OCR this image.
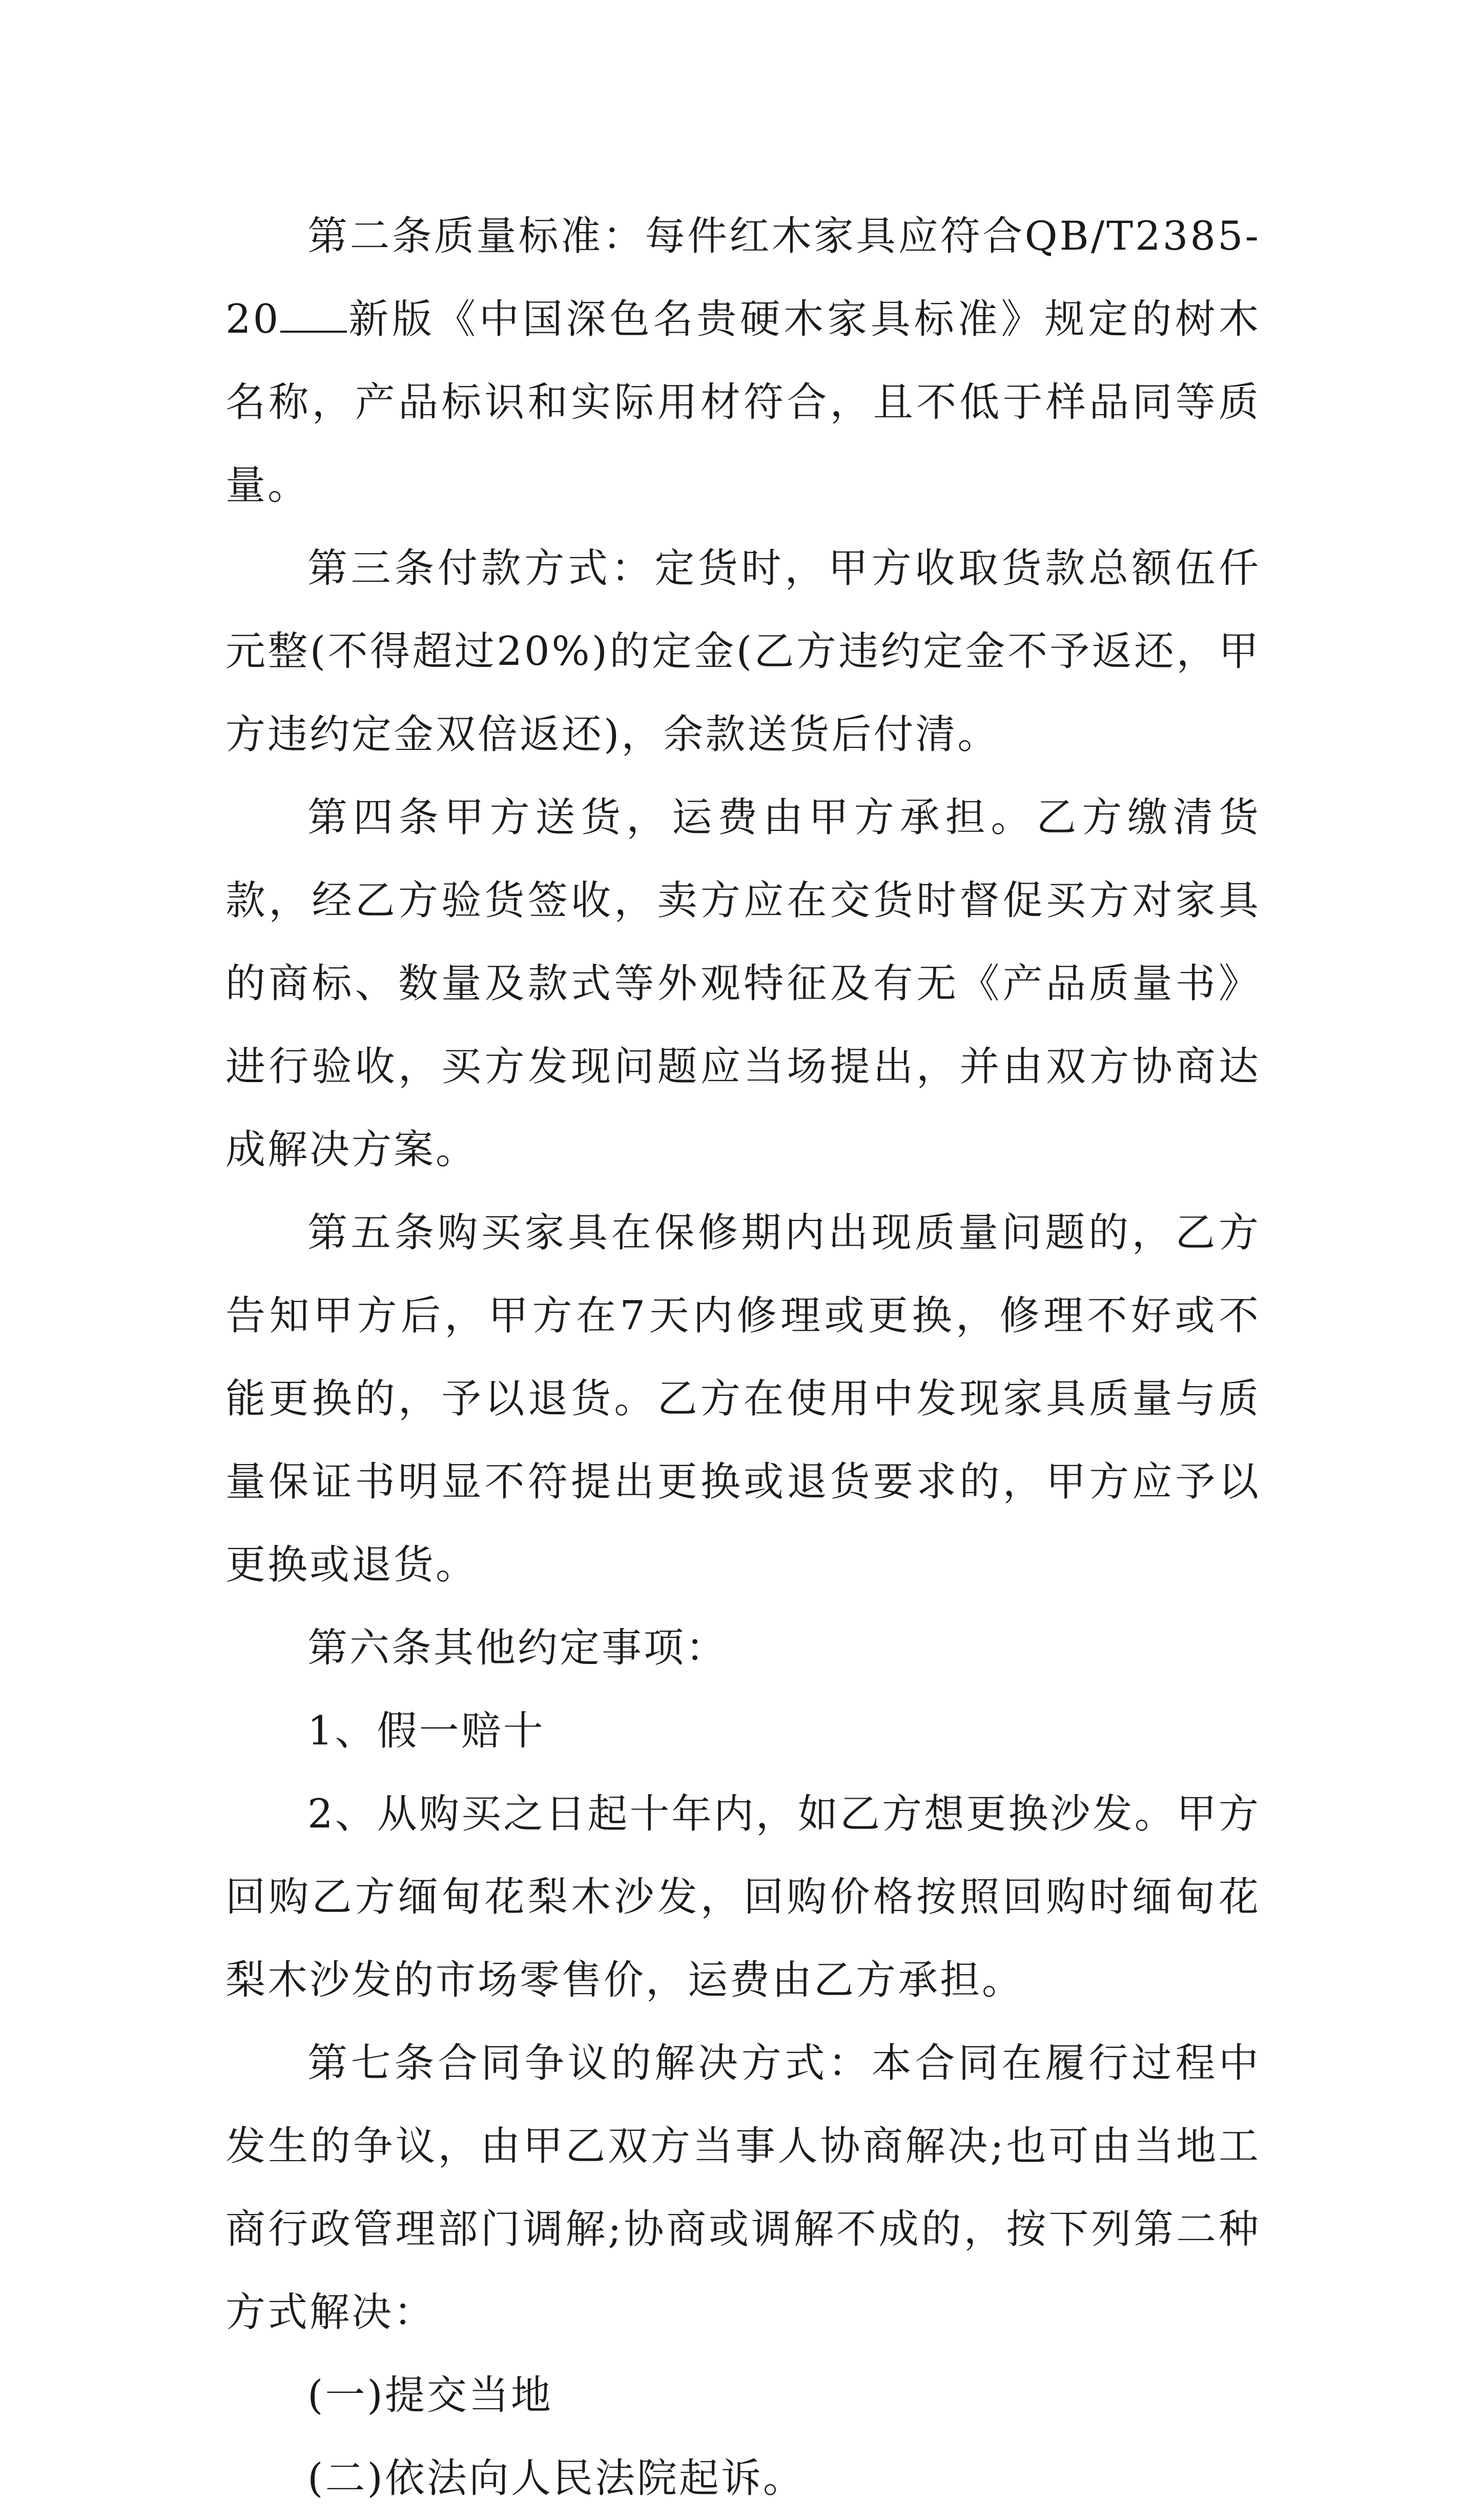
第二条质量标准：每件红木家具应符合QB/T2385-20 新版《中国深色名贵硬木家具标准》规定的树木名称，产品标识和实际用材符合，且不低于样品同等质量。

第三条付款方式：定货时，甲方收取货款总额伍仟元整(不得超过20%)的定金(乙方违约定金不予返还，甲方违约定金双倍返还)，余款送货后付清。

第四条甲方送货，运费由甲方承担。乙方缴清货款，经乙方验货签收，卖方应在交货时督促买方对家具的商标、数量及款式等外观特征及有无《产品质量书》进行验收，买方发现问题应当场提出，并由双方协商达成解决方案。

第五条购买家具在保修期内出现质量问题的，乙方告知甲方后，甲方在7天内修理或更换，修理不好或不能更换的，予以退货。乙方在使用中发现家具质量与质量保证书明显不符提出更换或退货要求的，甲方应予以更换或退货。

第六条其他约定事项：

1、假一赔十

2、从购买之日起十年内，如乙方想更换沙发。甲方回购乙方缅甸花梨木沙发，回购价格按照回购时缅甸花梨木沙发的市场零售价，运费由乙方承担。

第七条合同争议的解决方式：本合同在履行过程中发生的争议，由甲乙双方当事人协商解决;也可由当地工商行政管理部门调解;协商或调解不成的，按下列第二种方式解决：

(一)提交当地

(二)依法向人民法院起诉。
